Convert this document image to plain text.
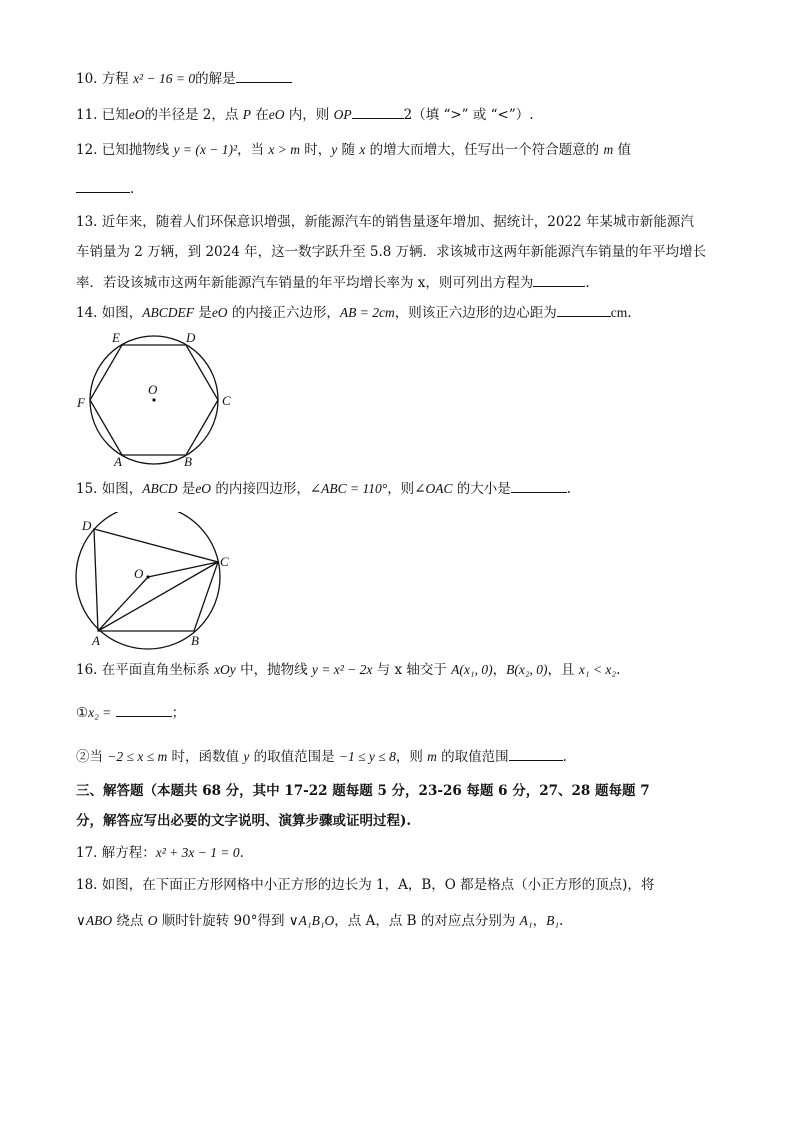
10. 方程 x² − 16 = 0的解是
11. 已知eO的半径是 2，点 P 在eO 内，则 OP	2（填 “>” 或 “<”）.
12. 已知抛物线 y = (x − 1)²，当 x > m 时，y 随 x 的增大而增大，任写出一个符合题意的 m 值
.
13. 近年来，随着人们环保意识增强，新能源汽车的销售量逐年增加、据统计，2022 年某城市新能源汽
车销量为 2 万辆，到 2024 年，这一数字跃升至 5.8 万辆．求该城市这两年新能源汽车销量的年平均增长
率．若设该城市这两年新能源汽车销量的年平均增长率为 x，则可列出方程为	.
14. 如图，ABCDEF 是eO 的内接正六边形，AB = 2cm，则该正六边形的边心距为	cm.
E	D
C
F
A	B
O
15. 如图，ABCD 是eO 的内接四边形，∠ABC = 110°，则∠OAC 的大小是	.
D
C
O
A	B
16. 在平面直角坐标系 xOy 中，抛物线 y = x² − 2x 与 x 轴交于 A(x₁, 0)，B(x₂, 0)，且 x₁ < x₂.
①x₂ =	；
②当 −2 ≤ x ≤ m 时，函数值 y 的取值范围是 −1 ≤ y ≤ 8，则 m 的取值范围	.
三、解答题（本题共 68 分，其中 17-22 题每题 5 分，23-26 每题 6 分，27、28 题每题 7
分，解答应写出必要的文字说明、演算步骤或证明过程).
17. 解方程：x² + 3x − 1 = 0.
18. 如图，在下面正方形网格中小正方形的边长为 1，A，B，O 都是格点（小正方形的顶点)，将
∨ABO 绕点 O 顺时针旋转 90°得到 ∨A₁B₁O，点 A，点 B 的对应点分别为 A₁，B₁.
